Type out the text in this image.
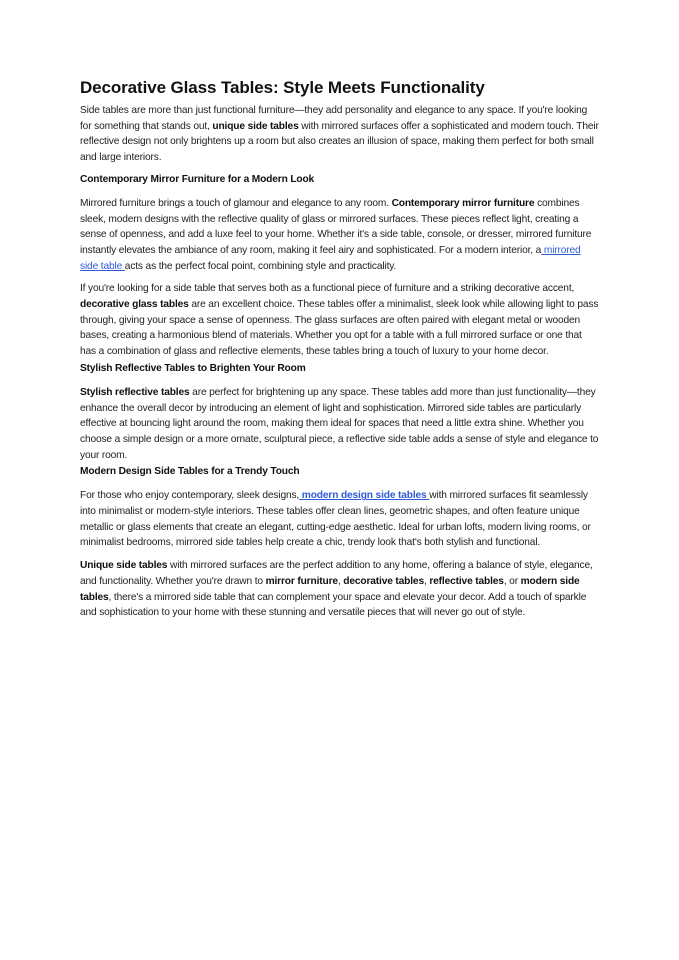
Decorative Glass Tables: Style Meets Functionality

Side tables are more than just functional furniture—they add personality and elegance to any space. If you're looking for something that stands out, unique side tables with mirrored surfaces offer a sophisticated and modern touch. Their reflective design not only brightens up a room but also creates an illusion of space, making them perfect for both small and large interiors.

Contemporary Mirror Furniture for a Modern Look

Mirrored furniture brings a touch of glamour and elegance to any room. Contemporary mirror furniture combines sleek, modern designs with the reflective quality of glass or mirrored surfaces. These pieces reflect light, creating a sense of openness, and add a luxe feel to your home. Whether it's a side table, console, or dresser, mirrored furniture instantly elevates the ambiance of any room, making it feel airy and sophisticated. For a modern interior, a mirrored side table acts as the perfect focal point, combining style and practicality.

If you're looking for a side table that serves both as a functional piece of furniture and a striking decorative accent, decorative glass tables are an excellent choice. These tables offer a minimalist, sleek look while allowing light to pass through, giving your space a sense of openness. The glass surfaces are often paired with elegant metal or wooden bases, creating a harmonious blend of materials. Whether you opt for a table with a full mirrored surface or one that has a combination of glass and reflective elements, these tables bring a touch of luxury to your home decor.

Stylish Reflective Tables to Brighten Your Room

Stylish reflective tables are perfect for brightening up any space. These tables add more than just functionality—they enhance the overall decor by introducing an element of light and sophistication. Mirrored side tables are particularly effective at bouncing light around the room, making them ideal for spaces that need a little extra shine. Whether you choose a simple design or a more ornate, sculptural piece, a reflective side table adds a sense of style and elegance to your room.

Modern Design Side Tables for a Trendy Touch

For those who enjoy contemporary, sleek designs, modern design side tables with mirrored surfaces fit seamlessly into minimalist or modern-style interiors. These tables offer clean lines, geometric shapes, and often feature unique metallic or glass elements that create an elegant, cutting-edge aesthetic. Ideal for urban lofts, modern living rooms, or minimalist bedrooms, mirrored side tables help create a chic, trendy look that's both stylish and functional.

Unique side tables with mirrored surfaces are the perfect addition to any home, offering a balance of style, elegance, and functionality. Whether you're drawn to mirror furniture, decorative tables, reflective tables, or modern side tables, there's a mirrored side table that can complement your space and elevate your decor. Add a touch of sparkle and sophistication to your home with these stunning and versatile pieces that will never go out of style.
